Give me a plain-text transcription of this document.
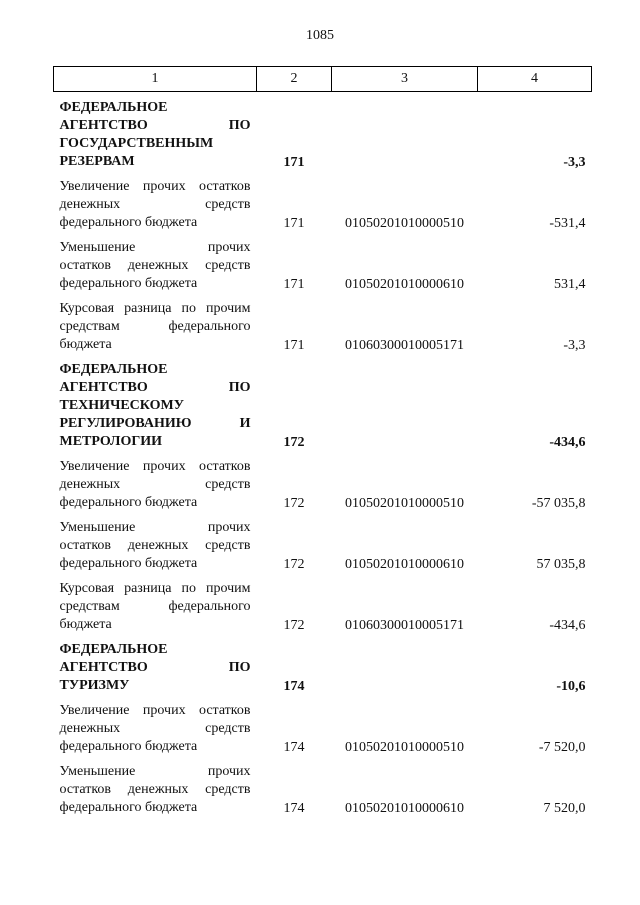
1085
1	2	3	4

ФЕДЕРАЛЬНОЕ
АГЕНТСТВО ПО
ГОСУДАРСТВЕННЫМ
РЕЗЕРВАМ	171		-3,3

Увеличение прочих остатков
денежных средств
федерального бюджета	171	01050201010000510	-531,4

Уменьшение прочих
остатков денежных средств
федерального бюджета	171	01050201010000610	531,4

Курсовая разница по прочим
средствам федерального
бюджета	171	01060300010005171	-3,3

ФЕДЕРАЛЬНОЕ
АГЕНТСТВО ПО
ТЕХНИЧЕСКОМУ
РЕГУЛИРОВАНИЮ И
МЕТРОЛОГИИ	172		-434,6

Увеличение прочих остатков
денежных средств
федерального бюджета	172	01050201010000510	-57 035,8

Уменьшение прочих
остатков денежных средств
федерального бюджета	172	01050201010000610	57 035,8

Курсовая разница по прочим
средствам федерального
бюджета	172	01060300010005171	-434,6

ФЕДЕРАЛЬНОЕ
АГЕНТСТВО ПО
ТУРИЗМУ	174		-10,6

Увеличение прочих остатков
денежных средств
федерального бюджета	174	01050201010000510	-7 520,0

Уменьшение прочих
остатков денежных средств
федерального бюджета	174	01050201010000610	7 520,0
